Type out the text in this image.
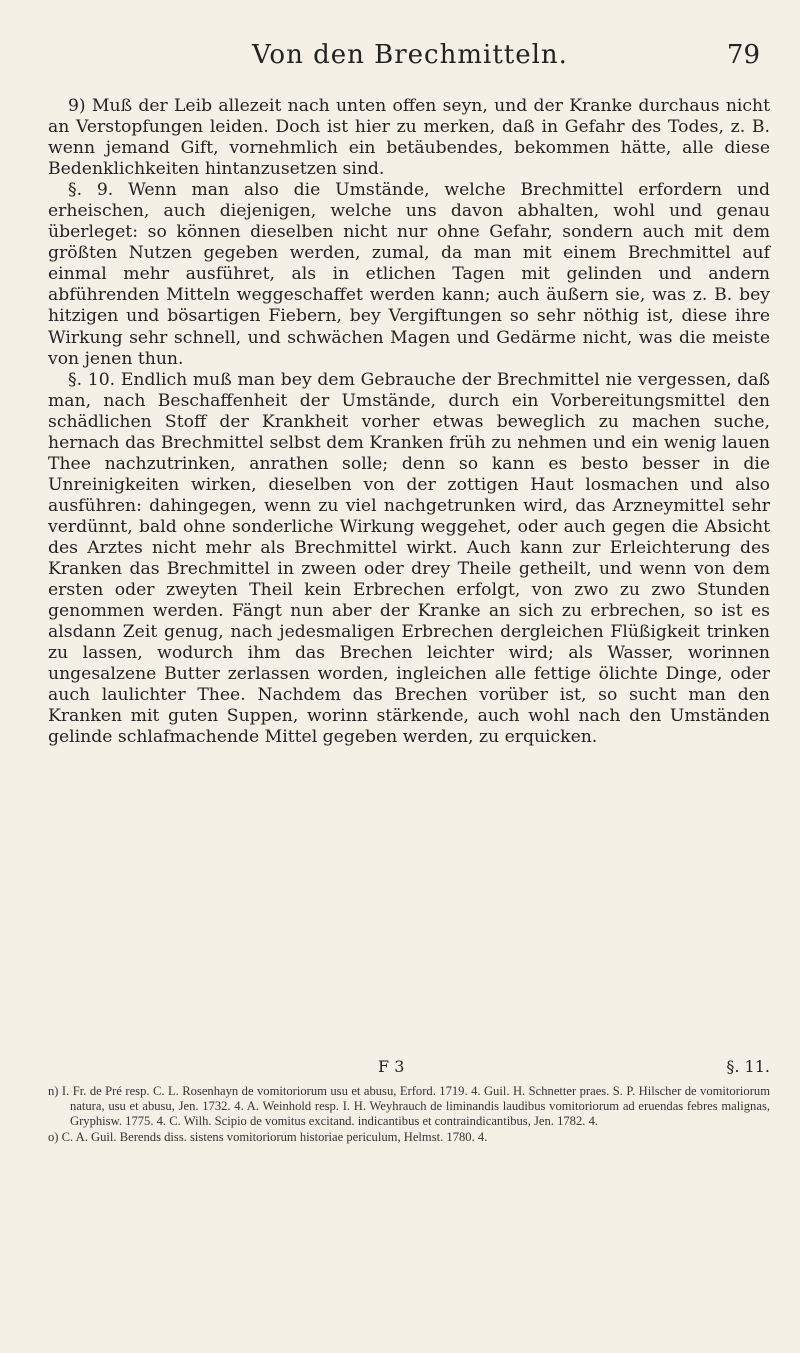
Von den Brechmitteln.	79

9) Muß der Leib allezeit nach unten offen seyn, und der Kranke durchaus nicht an Verstopfungen leiden. Doch ist hier zu merken, daß in Gefahr des Todes, z. B. wenn jemand Gift, vornehmlich ein betäubendes, bekommen hätte, alle diese Bedenklichkeiten hintanzusetzen sind.

§. 9. Wenn man also die Umstände, welche Brechmittel erfordern und erheischen, auch diejenigen, welche uns davon abhalten, wohl und genau überleget: so können dieselben nicht nur ohne Gefahr, sondern auch mit dem größten Nutzen gegeben werden, zumal, da man mit einem Brechmittel auf einmal mehr ausführet, als in etlichen Tagen mit gelinden und andern abführenden Mitteln weggeschaffet werden kann; auch äußern sie, was z. B. bey hitzigen und bösartigen Fiebern, bey Vergiftungen so sehr nöthig ist, diese ihre Wirkung sehr schnell, und schwächen Magen und Gedärme nicht, was die meiste von jenen thun.

§. 10. Endlich muß man bey dem Gebrauche der Brechmittel nie vergessen, daß man, nach Beschaffenheit der Umstände, durch ein Vorbereitungsmittel den schädlichen Stoff der Krankheit vorher etwas beweglich zu machen suche, hernach das Brechmittel selbst dem Kranken früh zu nehmen und ein wenig lauen Thee nachzutrinken, anrathen solle; denn so kann es besto besser in die Unreinigkeiten wirken, dieselben von der zottigen Haut losmachen und also ausführen: dahingegen, wenn zu viel nachgetrunken wird, das Arzneymittel sehr verdünnt, bald ohne sonderliche Wirkung weggehet, oder auch gegen die Absicht des Arztes nicht mehr als Brechmittel wirkt. Auch kann zur Erleichterung des Kranken das Brechmittel in zween oder drey Theile getheilt, und wenn von dem ersten oder zweyten Theil kein Erbrechen erfolgt, von zwo zu zwo Stunden genommen werden. Fängt nun aber der Kranke an sich zu erbrechen, so ist es alsdann Zeit genug, nach jedesmaligen Erbrechen dergleichen Flüßigkeit trinken zu lassen, wodurch ihm das Brechen leichter wird; als Wasser, worinnen ungesalzene Butter zerlassen worden, ingleichen alle fettige ölichte Dinge, oder auch laulichter Thee. Nachdem das Brechen vorüber ist, so sucht man den Kranken mit guten Suppen, worinn stärkende, auch wohl nach den Umständen gelinde schlafmachende Mittel gegeben werden, zu erquicken.

F 3	§. 11.

n) I. Fr. de Pré resp. C. L. Rosenhayn de vomitoriorum usu et abusu, Erford. 1719. 4. Guil. H. Schnetter praes. S. P. Hilscher de vomitoriorum natura, usu et abusu, Jen. 1732. 4. A. Weinhold resp. I. H. Weyhrauch de liminandis laudibus vomitoriorum ad eruendas febres malignas, Gryphisw. 1775. 4. C. Wilh. Scipio de vomitus excitand. indicantibus et contraindicantibus, Jen. 1782. 4.

o) C. A. Guil. Berends diss. sistens vomitoriorum historiae periculum, Helmst. 1780. 4.
